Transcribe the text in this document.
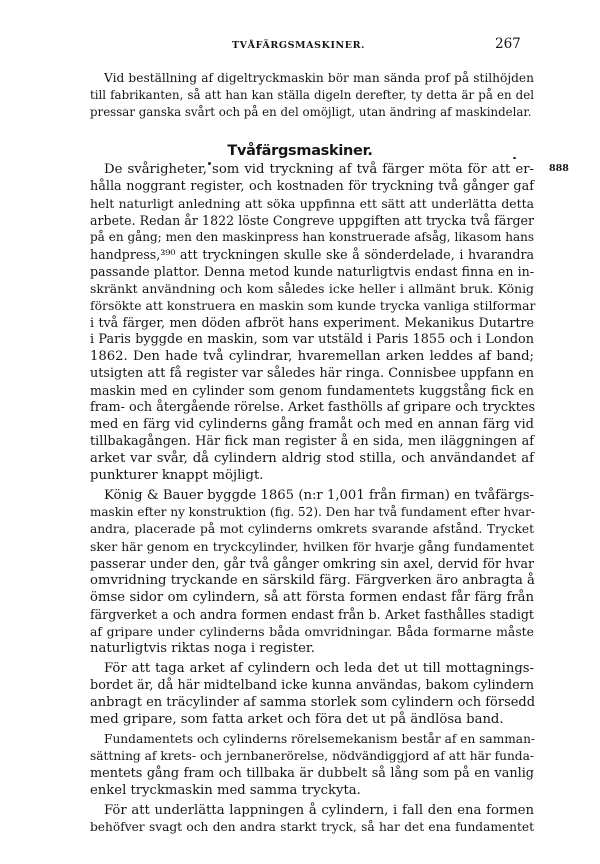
TVÅFÄRGSMASKINER.	267
Vid beställning af digeltryckmaskin bör man sända prof på stilhöjden
till fabrikanten, så att han kan ställa digeln derefter, ty detta är på en del
pressar ganska svårt och på en del omöjligt, utan ändring af maskindelar.
Tvåfärgsmaskiner.
888
De svårigheter, som vid tryckning af två färger möta för att er-
hålla noggrant register, och kostnaden för tryckning två gånger gaf
helt naturligt anledning att söka uppfinna ett sätt att underlätta detta
arbete. Redan år 1822 löste Congreve uppgiften att trycka två färger
på en gång; men den maskinpress han konstruerade afsåg, likasom hans
handpress,³⁹⁰ att tryckningen skulle ske å sönderdelade, i hvarandra
passande plattor. Denna metod kunde naturligtvis endast finna en in-
skränkt användning och kom således icke heller i allmänt bruk. König
försökte att konstruera en maskin som kunde trycka vanliga stilformar
i två färger, men döden afbröt hans experiment. Mekanikus Dutartre
i Paris byggde en maskin, som var utstäld i Paris 1855 och i London
1862. Den hade två cylindrar, hvaremellan arken leddes af band;
utsigten att få register var således här ringa. Connisbee uppfann en
maskin med en cylinder som genom fundamentets kuggstång fick en
fram- och återgående rörelse. Arket fasthölls af gripare och trycktes
med en färg vid cylinderns gång framåt och med en annan färg vid
tillbakagången. Här fick man register å en sida, men iläggningen af
arket var svår, då cylindern aldrig stod stilla, och användandet af
punkturer knappt möjligt.
König & Bauer byggde 1865 (n:r 1,001 från firman) en tvåfärgs-
maskin efter ny konstruktion (fig. 52). Den har två fundament efter hvar-
andra, placerade på mot cylinderns omkrets svarande afstånd. Trycket
sker här genom en tryckcylinder, hvilken för hvarje gång fundamentet
passerar under den, går två gånger omkring sin axel, dervid för hvar
omvridning tryckande en särskild färg. Färgverken äro anbragta å
ömse sidor om cylindern, så att första formen endast får färg från
färgverket a och andra formen endast från b. Arket fasthålles stadigt
af gripare under cylinderns båda omvridningar. Båda formarne måste
naturligtvis riktas noga i register.
För att taga arket af cylindern och leda det ut till mottagnings-
bordet är, då här midtelband icke kunna användas, bakom cylindern
anbragt en träcylinder af samma storlek som cylindern och försedd
med gripare, som fatta arket och föra det ut på ändlösa band.
Fundamentets och cylinderns rörelsemekanism består af en samman-
sättning af krets- och jernbanerörelse, nödvändiggjord af att här funda-
mentets gång fram och tillbaka är dubbelt så lång som på en vanlig
enkel tryckmaskin med samma tryckyta.
För att underlätta lappningen å cylindern, i fall den ena formen
behöfver svagt och den andra starkt tryck, så har det ena fundamentet
